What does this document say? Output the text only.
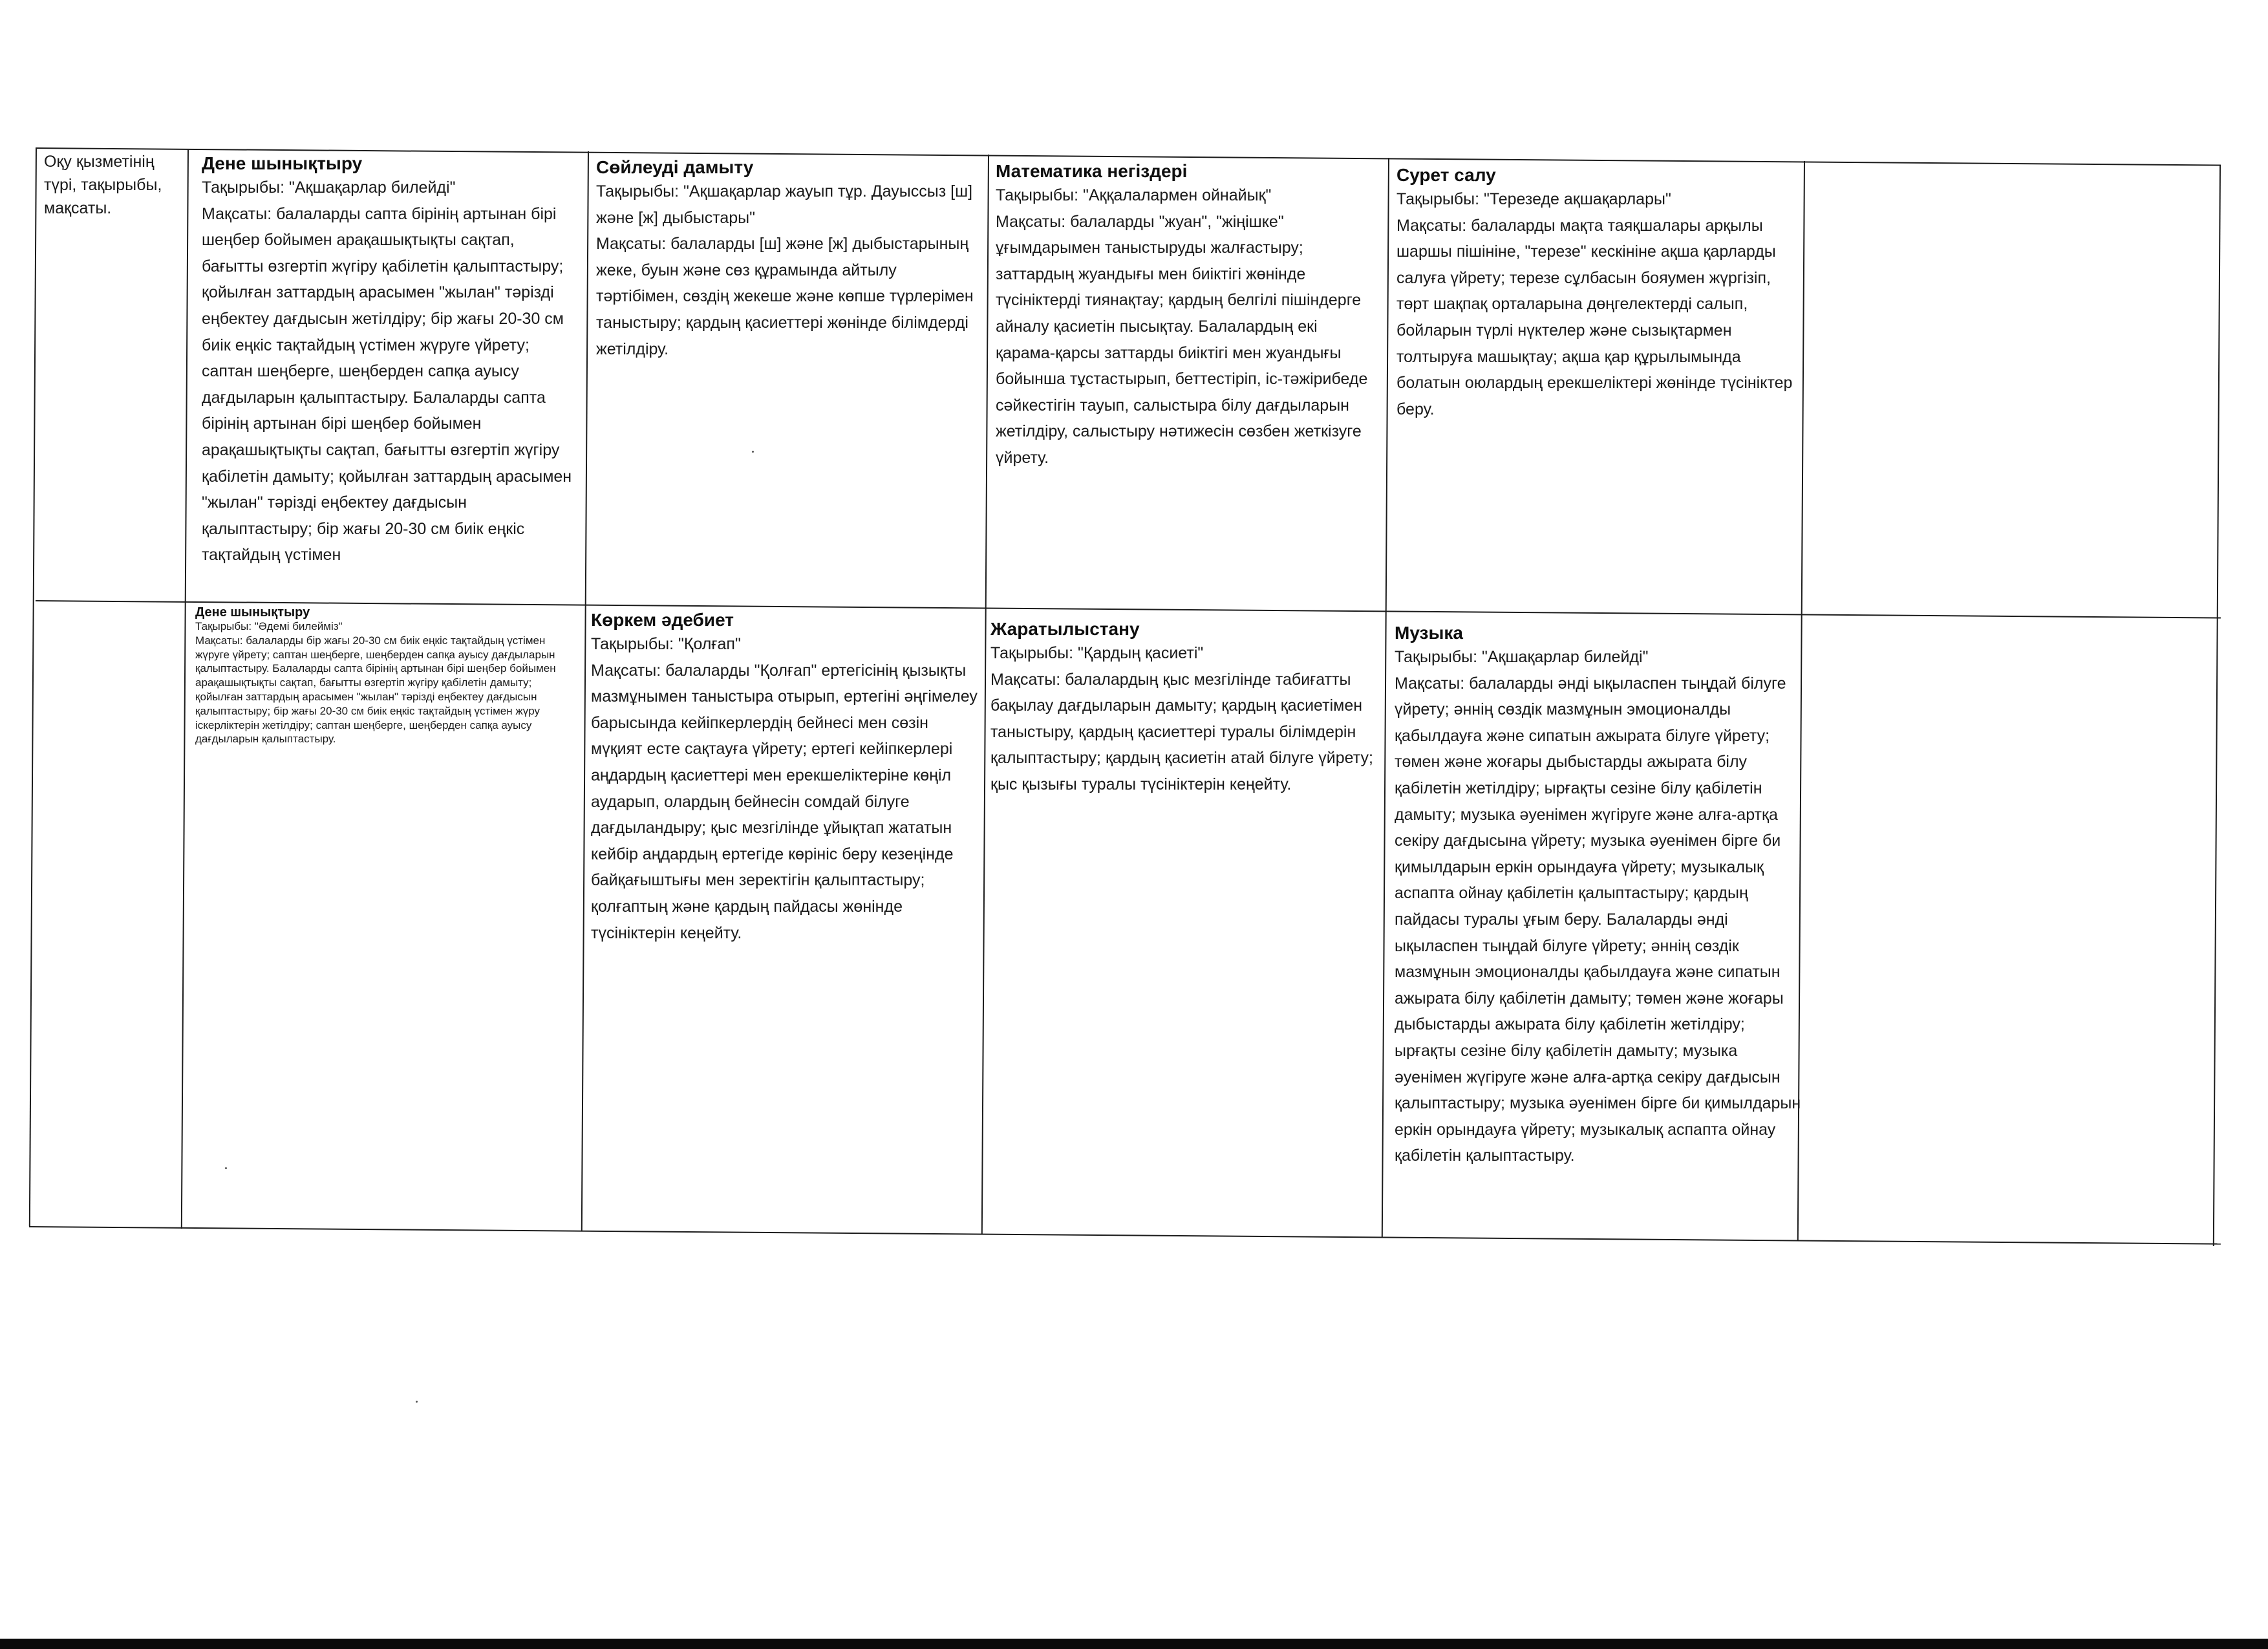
Оқу қызметінің түрі, тақырыбы, мақсаты.
Дене шынықтыру

Тақырыбы: "Ақшақарлар билейді"

Мақсаты: балаларды сапта бірінің артынан бірі шеңбер бойымен арақашықтықты сақтап, бағытты өзгертіп жүгіру қабілетін қалыптастыру; қойылған заттардың арасымен "жылан" тәрізді еңбектеу дағдысын жетілдіру; бір жағы 20-30 см биік еңкіс тақтайдың үстімен жүруге үйрету; саптан шеңберге, шеңберден сапқа ауысу дағдыларын қалыптастыру. Балаларды сапта бірінің артынан бірі шеңбер бойымен арақашықтықты сақтап, бағытты өзгертіп жүгіру қабілетін дамыту; қойылған заттардың арасымен "жылан" тәрізді еңбектеу дағдысын қалыптастыру; бір жағы 20-30 см биік еңкіс тақтайдың үстімен

Сөйлеуді дамыту

Тақырыбы: "Ақшақарлар жауып тұр. Дауыссыз [ш] және [ж] дыбыстары"

Мақсаты: балаларды [ш] және [ж] дыбыстарының жеке, буын және сөз құрамында айтылу тәртібімен, сөздің жекеше және көпше түрлерімен таныстыру; қардың қасиеттері жөнінде білімдерді жетілдіру.

Математика негіздері

Тақырыбы: "Аққалалармен ойнайық"

Мақсаты: балаларды "жуан", "жіңішке" ұғымдарымен таныстыруды жалғастыру; заттардың жуандығы мен биіктігі жөнінде түсініктерді тиянақтау; қардың белгілі пішіндерге айналу қасиетін пысықтау. Балалардың екі қарама-қарсы заттарды биіктігі мен жуандығы бойынша тұстастырып, беттестіріп, іс-тәжірибеде сәйкестігін тауып, салыстыра білу дағдыларын жетілдіру, салыстыру нәтижесін сөзбен жеткізуге үйрету.

Сурет салу

Тақырыбы: "Терезеде ақшақарлары"

Мақсаты: балаларды мақта таяқшалары арқылы шаршы пішініне, "терезе" кескініне ақша қарларды салуға үйрету; терезе сұлбасын бояумен жүргізіп, төрт шақпақ орталарына дөңгелектерді салып, бойларын түрлі нүктелер және сызықтармен толтыруға машықтау; ақша қар құрылымында болатын оюлардың ерекшеліктері жөнінде түсініктер беру.

Дене шынықтыру

Тақырыбы: "Әдемі билейміз"

Мақсаты: балаларды бір жағы 20-30 см биік еңкіс тақтайдың үстімен жүруге үйрету; саптан шеңберге, шеңберден сапқа ауысу дағдыларын қалыптастыру. Балаларды сапта бірінің артынан бірі шеңбер бойымен арақашықтықты сақтап, бағытты өзгертіп жүгіру қабілетін дамыту; қойылған заттардың арасымен "жылан" тәрізді еңбектеу дағдысын қалыптастыру; бір жағы 20-30 см биік еңкіс тақтайдың үстімен жүру іскерліктерін жетілдіру; саптан шеңберге, шеңберден сапқа ауысу дағдыларын қалыптастыру.

Көркем әдебиет

Тақырыбы: "Қолғап"

Мақсаты: балаларды "Қолғап" ертегісінің қызықты мазмұнымен таныстыра отырып, ертегіні әңгімелеу барысында кейіпкерлердің бейнесі мен сөзін мүқият есте сақтауға үйрету; ертегі кейіпкерлері аңдардың қасиеттері мен ерекшеліктеріне көңіл аударып, олардың бейнесін сомдай білуге дағдыландыру; қыс мезгілінде ұйықтап жататын кейбір аңдардың ертегіде көрініс беру кезеңінде байқағыштығы мен зеректігін қалыптастыру; қолғаптың және қардың пайдасы жөнінде түсініктерін кеңейту.

Жаратылыстану

Тақырыбы: "Қардың қасиеті"

Мақсаты: балалардың қыс мезгілінде табиғатты бақылау дағдыларын дамыту; қардың қасиетімен таныстыру, қардың қасиеттері туралы білімдерін қалыптастыру; қардың қасиетін атай білуге үйрету; қыс қызығы туралы түсініктерін кеңейту.

Музыка

Тақырыбы: "Ақшақарлар билейді"

Мақсаты: балаларды әнді ықыласпен тыңдай білуге үйрету; әннің сөздік мазмұнын эмоционалды қабылдауға және сипатын ажырата білуге үйрету; төмен және жоғары дыбыстарды ажырата білу қабілетін жетілдіру; ырғақты сезіне білу қабілетін дамыту; музыка әуенімен жүгіруге және алға-артқа секіру дағдысына үйрету; музыка әуенімен бірге би қимылдарын еркін орындауға үйрету; музыкалық аспапта ойнау қабілетін қалыптастыру; қардың пайдасы туралы ұғым беру. Балаларды әнді ықыласпен тыңдай білуге үйрету; әннің сөздік мазмұнын эмоционалды қабылдауға және сипатын ажырата білу қабілетін дамыту; төмен және жоғары дыбыстарды ажырата білу қабілетін жетілдіру; ырғақты сезіне білу қабілетін дамыту; музыка әуенімен жүгіруге және алға-артқа секіру дағдысын қалыптастыру; музыка әуенімен бірге би қимылдарын еркін орындауға үйрету; музыкалық аспапта ойнау қабілетін қалыптастыру.
